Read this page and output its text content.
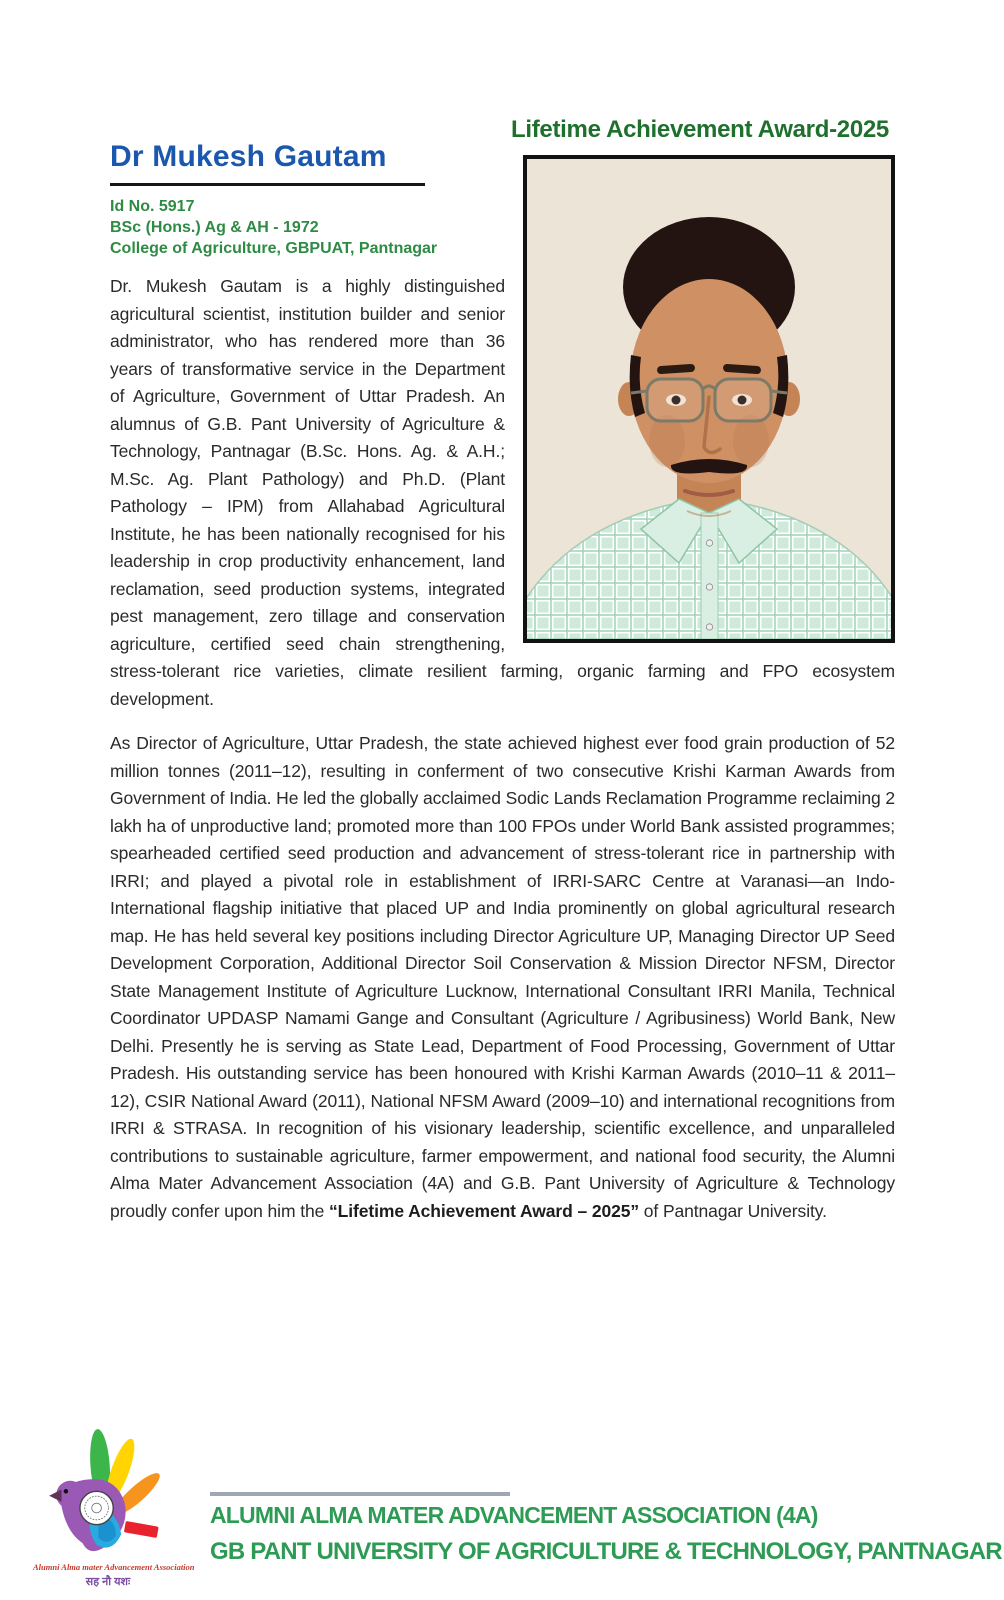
Lifetime Achievement Award-2025
Dr Mukesh Gautam
Id No. 5917
BSc (Hons.) Ag & AH - 1972
College of Agriculture, GBPUAT, Pantnagar

Dr. Mukesh Gautam is a highly distinguished agricultural scientist, institution builder and senior administrator, who has rendered more than 36 years of transformative service in the Department of Agriculture, Government of Uttar Pradesh. An alumnus of G.B. Pant University of Agriculture & Technology, Pantnagar (B.Sc. Hons. Ag. & A.H.; M.Sc. Ag. Plant Pathology) and Ph.D. (Plant Pathology – IPM) from Allahabad Agricultural Institute, he has been nationally recognised for his leadership in crop productivity enhancement, land reclamation, seed production systems, integrated pest management, zero tillage and conservation agriculture, certified seed chain strengthening, stress-tolerant rice varieties, climate resilient farming, organic farming and FPO ecosystem development.

As Director of Agriculture, Uttar Pradesh, the state achieved highest ever food grain production of 52 million tonnes (2011–12), resulting in conferment of two consecutive Krishi Karman Awards from Government of India. He led the globally acclaimed Sodic Lands Reclamation Programme reclaiming 2 lakh ha of unproductive land; promoted more than 100 FPOs under World Bank assisted programmes; spearheaded certified seed production and advancement of stress-tolerant rice in partnership with IRRI; and played a pivotal role in establishment of IRRI-SARC Centre at Varanasi—an Indo-International flagship initiative that placed UP and India prominently on global agricultural research map. He has held several key positions including Director Agriculture UP, Managing Director UP Seed Development Corporation, Additional Director Soil Conservation & Mission Director NFSM, Director State Management Institute of Agriculture Lucknow, International Consultant IRRI Manila, Technical Coordinator UPDASP Namami Gange and Consultant (Agriculture / Agribusiness) World Bank, New Delhi. Presently he is serving as State Lead, Department of Food Processing, Government of Uttar Pradesh. His outstanding service has been honoured with Krishi Karman Awards (2010–11 & 2011–12), CSIR National Award (2011), National NFSM Award (2009–10) and international recognitions from IRRI & STRASA. In recognition of his visionary leadership, scientific excellence, and unparalleled contributions to sustainable agriculture, farmer empowerment, and national food security, the Alumni Alma Mater Advancement Association (4A) and G.B. Pant University of Agriculture & Technology proudly confer upon him the “Lifetime Achievement Award – 2025” of Pantnagar University.

Alumni Alma mater Advancement Association
सह नौ यशः
ALUMNI ALMA MATER ADVANCEMENT ASSOCIATION (4A)
GB PANT UNIVERSITY OF AGRICULTURE & TECHNOLOGY, PANTNAGAR
